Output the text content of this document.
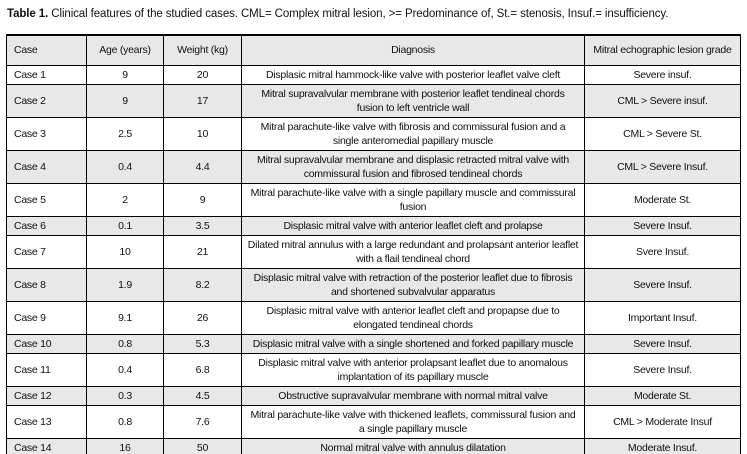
Table 1. Clinical features of the studied cases. CML= Complex mitral lesion, >= Predominance of, St.= stenosis, Insuf.= insufficiency.
Case	Age (years)	Weight (kg)	Diagnosis	Mitral echographic lesion grade
Case 1	9	20	Displasic mitral hammock-like valve with posterior leaflet valve cleft	Severe insuf.
Case 2	9	17	Mitral supravalvular membrane with posterior leaflet tendineal chords fusion to left ventricle wall	CML > Severe insuf.
Case 3	2.5	10	Mitral parachute-like valve with fibrosis and commissural fusion and a single anteromedial papillary muscle	CML > Severe St.
Case 4	0.4	4.4	Mitral supravalvular membrane and displasic retracted mitral valve with commissural fusion and fibrosed tendineal chords	CML > Severe Insuf.
Case 5	2	9	Mitral parachute-like valve with a single papillary muscle and commissural fusion	Moderate St.
Case 6	0.1	3.5	Displasic mitral valve with anterior leaflet cleft and prolapse	Severe Insuf.
Case 7	10	21	Dilated mitral annulus with a large redundant and prolapsant anterior leaflet with a flail tendineal chord	Svere Insuf.
Case 8	1.9	8.2	Displasic mitral valve with retraction of the posterior leaflet due to fibrosis and shortened subvalvular apparatus	Severe Insuf.
Case 9	9.1	26	Displasic mitral valve with anterior leaflet cleft and propapse due to elongated tendineal chords	Important Insuf.
Case 10	0.8	5.3	Displasic mitral valve with a single shortened and forked papillary muscle	Severe Insuf.
Case 11	0.4	6.8	Displasic mitral valve with anterior prolapsant leaflet due to anomalous implantation of its papillary muscle	Severe Insuf.
Case 12	0.3	4.5	Obstructive supravalvular membrane with normal mitral valve	Moderate St.
Case 13	0.8	7.6	Mitral parachute-like valve with thickened leaflets, commissural fusion and a single papillary muscle	CML > Moderate Insuf
Case 14	16	50	Normal mitral valve with annulus dilatation	Moderate Insuf.
